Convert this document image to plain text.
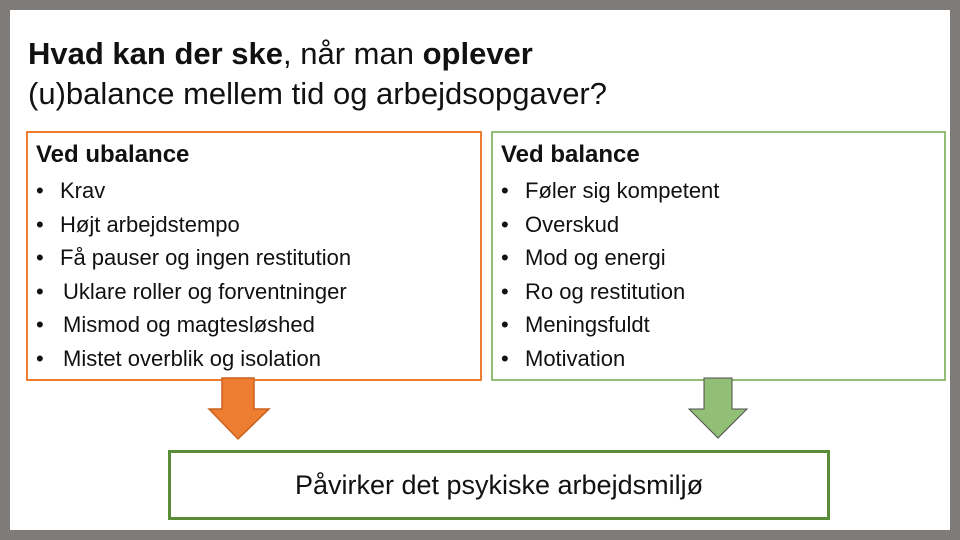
Hvad kan der ske, når man oplever
(u)balance mellem tid og arbejdsopgaver?
Ved ubalance
• Krav
• Højt arbejdstempo
• Få pauser og ingen restitution
• Uklare roller og forventninger
• Mismod og magtesløshed
• Mistet overblik og isolation
Ved balance
• Føler sig kompetent
• Overskud
• Mod og energi
• Ro og restitution
• Meningsfuldt
• Motivation
Påvirker det psykiske arbejdsmiljø
